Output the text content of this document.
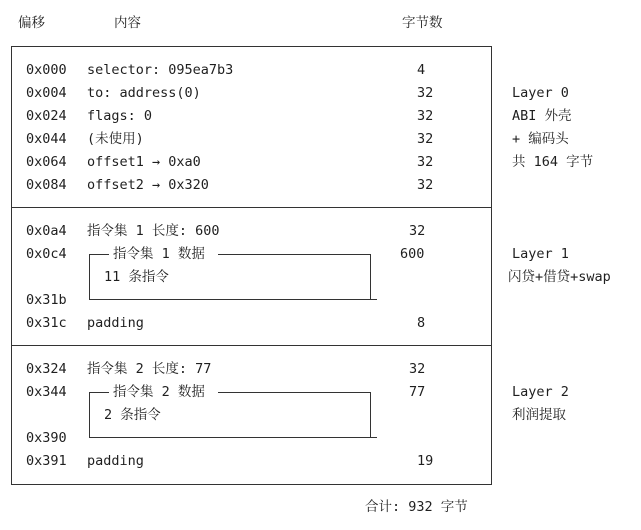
偏移	内容	字节数
0x000 selector: 095ea7b3	4
0x004 to: address(0)	32
0x024 flags: 0	32
0x044 (未使用)	32
0x064 offset1 → 0xa0	32
0x084 offset2 → 0x320	32
0x0a4 指令集 1 长度: 600	32
0x0c4	指令集 1 数据	600
11 条指令
0x31b
0x31c padding	8
0x324 指令集 2 长度: 77	32
0x344	指令集 2 数据	77
2 条指令
0x390
0x391 padding	19
Layer 0
ABI 外壳
+ 编码头
共 164 字节
Layer 1
闪贷+借贷+swap
Layer 2
利润提取
合计: 932 字节
